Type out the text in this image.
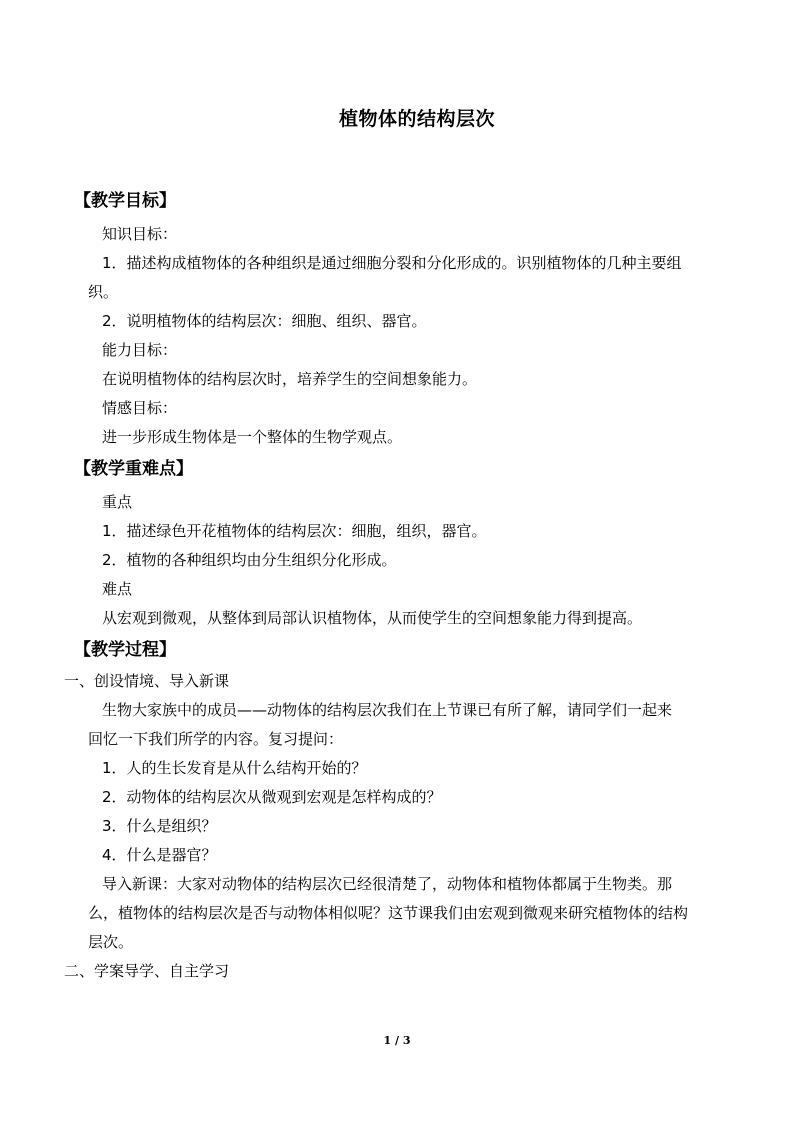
植物体的结构层次
【教学目标】
知识目标：
1．描述构成植物体的各种组织是通过细胞分裂和分化形成的。识别植物体的几种主要组
织。
2．说明植物体的结构层次：细胞、组织、器官。
能力目标：
在说明植物体的结构层次时，培养学生的空间想象能力。
情感目标：
进一步形成生物体是一个整体的生物学观点。
【教学重难点】
重点
1．描述绿色开花植物体的结构层次：细胞，组织，器官。
2．植物的各种组织均由分生组织分化形成。
难点
从宏观到微观，从整体到局部认识植物体，从而使学生的空间想象能力得到提高。
【教学过程】
一、创设情境、导入新课
生物大家族中的成员——动物体的结构层次我们在上节课已有所了解，请同学们一起来
回忆一下我们所学的内容。复习提问：
1．人的生长发育是从什么结构开始的？
2．动物体的结构层次从微观到宏观是怎样构成的？
3．什么是组织？
4．什么是器官？
导入新课：大家对动物体的结构层次已经很清楚了，动物体和植物体都属于生物类。那
么，植物体的结构层次是否与动物体相似呢？这节课我们由宏观到微观来研究植物体的结构
层次。
二、学案导学、自主学习
1 / 3
